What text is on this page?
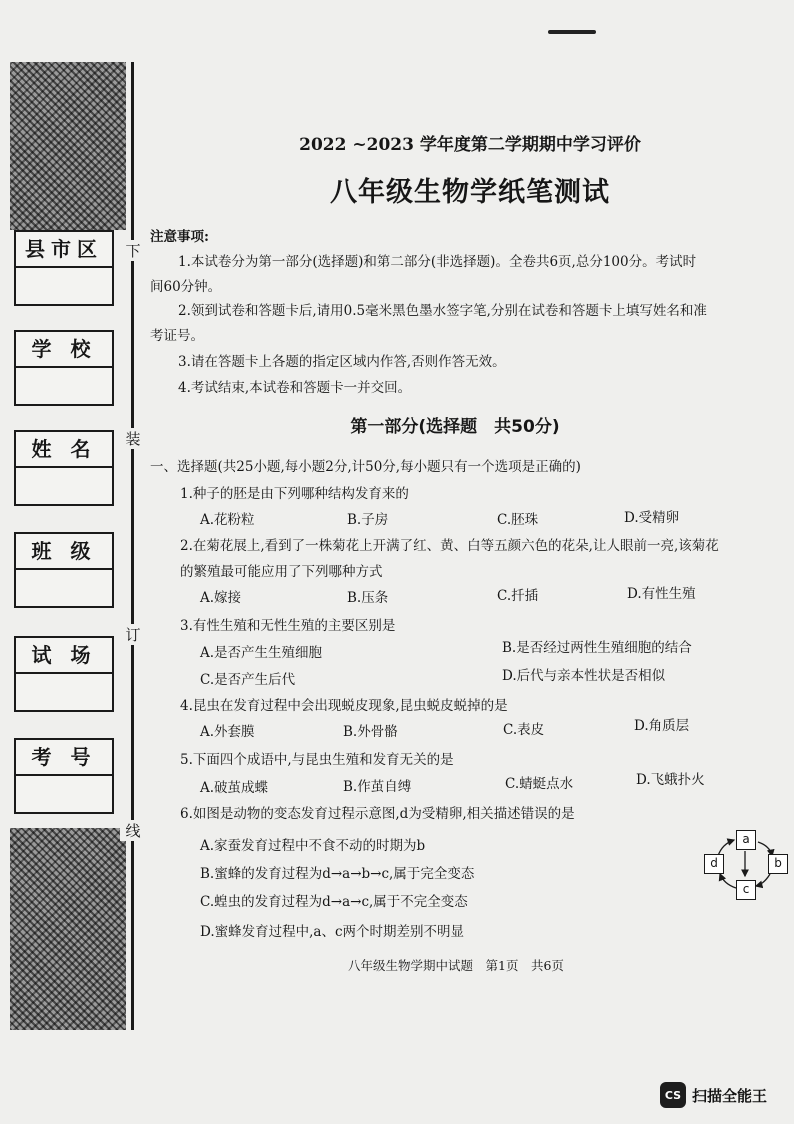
下
装
订
线
县市区
学 校
姓 名
班 级
试 场
考 号
2022 ~2023 学年度第二学期期中学习评价
八年级生物学纸笔测试
注意事项:
1.本试卷分为第一部分(选择题)和第二部分(非选择题)。全卷共6页,总分100分。考试时
间60分钟。
2.领到试卷和答题卡后,请用0.5毫米黑色墨水签字笔,分别在试卷和答题卡上填写姓名和准
考证号。
3.请在答题卡上各题的指定区域内作答,否则作答无效。
4.考试结束,本试卷和答题卡一并交回。
第一部分(选择题　共50分)
一、选择题(共25小题,每小题2分,计50分,每小题只有一个选项是正确的)
1.种子的胚是由下列哪种结构发育来的
A.花粉粒	B.子房	C.胚珠	D.受精卵
2.在菊花展上,看到了一株菊花上开满了红、黄、白等五颜六色的花朵,让人眼前一亮,该菊花
的繁殖最可能应用了下列哪种方式
A.嫁接	B.压条	C.扦插	D.有性生殖
3.有性生殖和无性生殖的主要区别是
A.是否产生生殖细胞	B.是否经过两性生殖细胞的结合
C.是否产生后代	D.后代与亲本性状是否相似
4.昆虫在发育过程中会出现蜕皮现象,昆虫蜕皮蜕掉的是
A.外套膜	B.外骨骼	C.表皮	D.角质层
5.下面四个成语中,与昆虫生殖和发育无关的是
A.破茧成蝶	B.作茧自缚	C.蜻蜓点水	D.飞蛾扑火
6.如图是动物的变态发育过程示意图,d为受精卵,相关描述错误的是
A.家蚕发育过程中不食不动的时期为b
B.蜜蜂的发育过程为d→a→b→c,属于完全变态
C.蝗虫的发育过程为d→a→c,属于不完全变态
D.蜜蜂发育过程中,a、c两个时期差别不明显
a
b
c
d
八年级生物学期中试题　第1页　共6页
CS 扫描全能王
